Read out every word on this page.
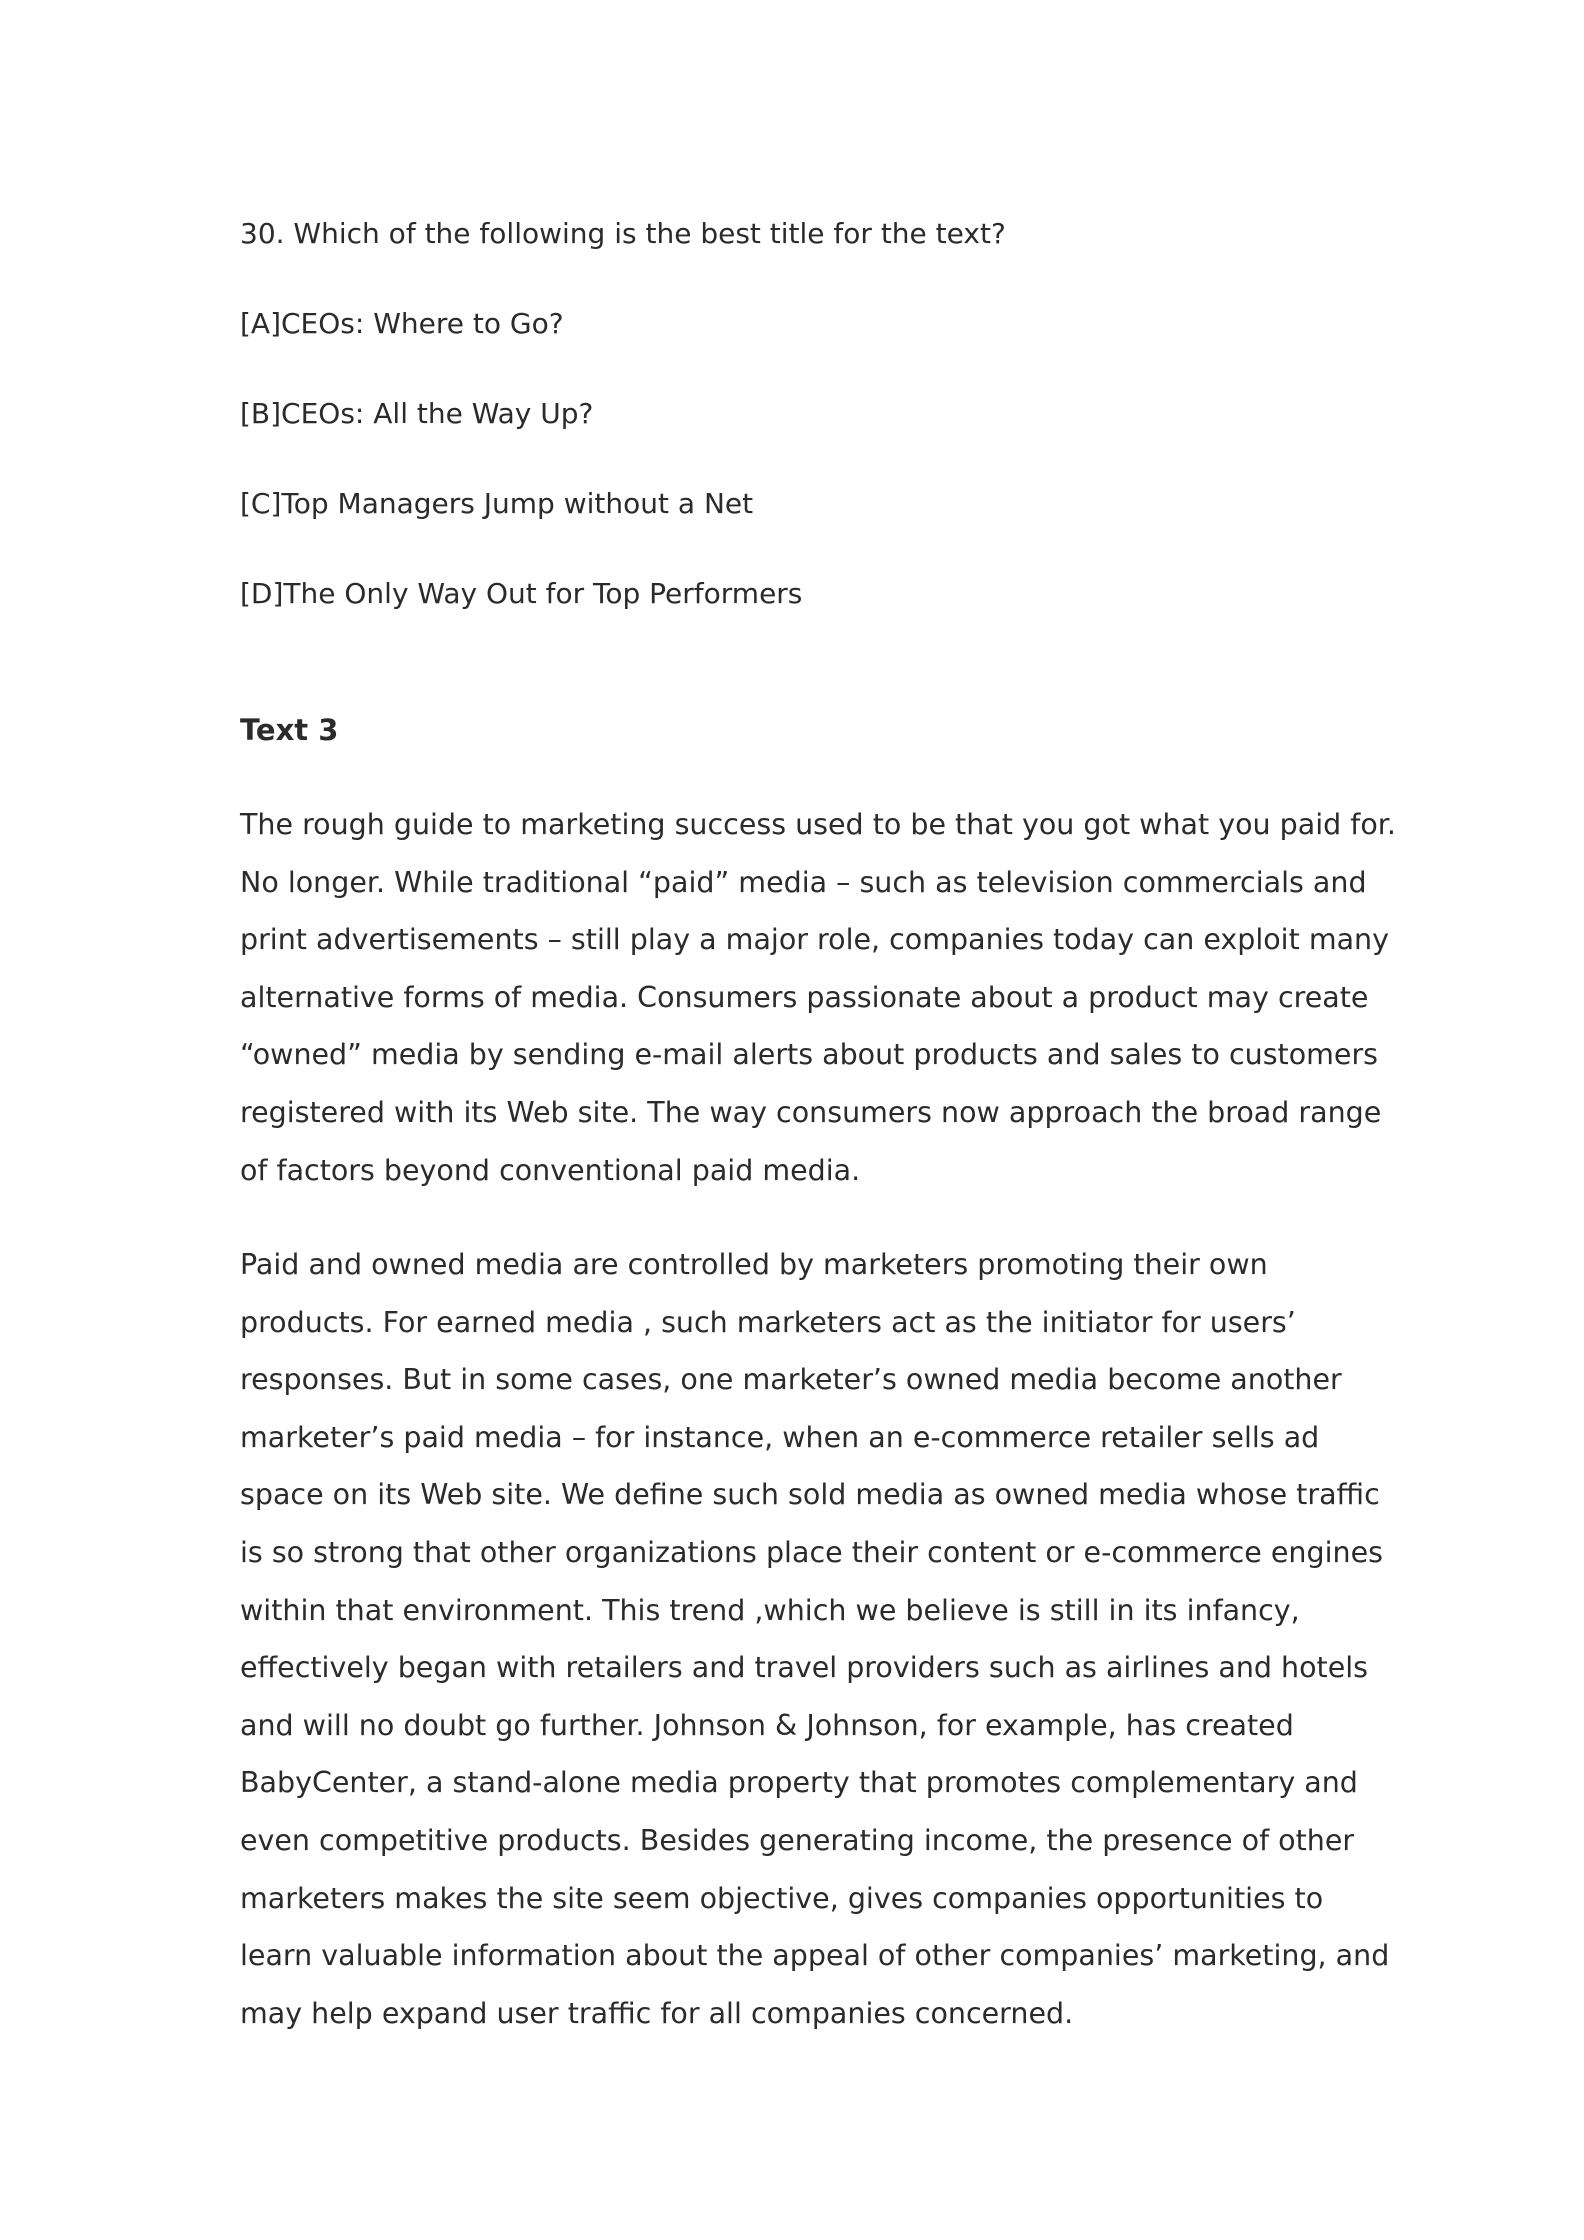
30. Which of the following is the best title for the text?
[A]CEOs: Where to Go?
[B]CEOs: All the Way Up?
[C]Top Managers Jump without a Net
[D]The Only Way Out for Top Performers
Text 3
The rough guide to marketing success used to be that you got what you paid for.
No longer. While traditional “paid” media – such as television commercials and
print advertisements – still play a major role, companies today can exploit many
alternative forms of media. Consumers passionate about a product may create
“owned” media by sending e-mail alerts about products and sales to customers
registered with its Web site. The way consumers now approach the broad range
of factors beyond conventional paid media.
Paid and owned media are controlled by marketers promoting their own
products. For earned media , such marketers act as the initiator for users’
responses. But in some cases, one marketer’s owned media become another
marketer’s paid media – for instance, when an e-commerce retailer sells ad
space on its Web site. We define such sold media as owned media whose traffic
is so strong that other organizations place their content or e-commerce engines
within that environment. This trend ,which we believe is still in its infancy,
effectively began with retailers and travel providers such as airlines and hotels
and will no doubt go further. Johnson & Johnson, for example, has created
BabyCenter, a stand-alone media property that promotes complementary and
even competitive products. Besides generating income, the presence of other
marketers makes the site seem objective, gives companies opportunities to
learn valuable information about the appeal of other companies’ marketing, and
may help expand user traffic for all companies concerned.
